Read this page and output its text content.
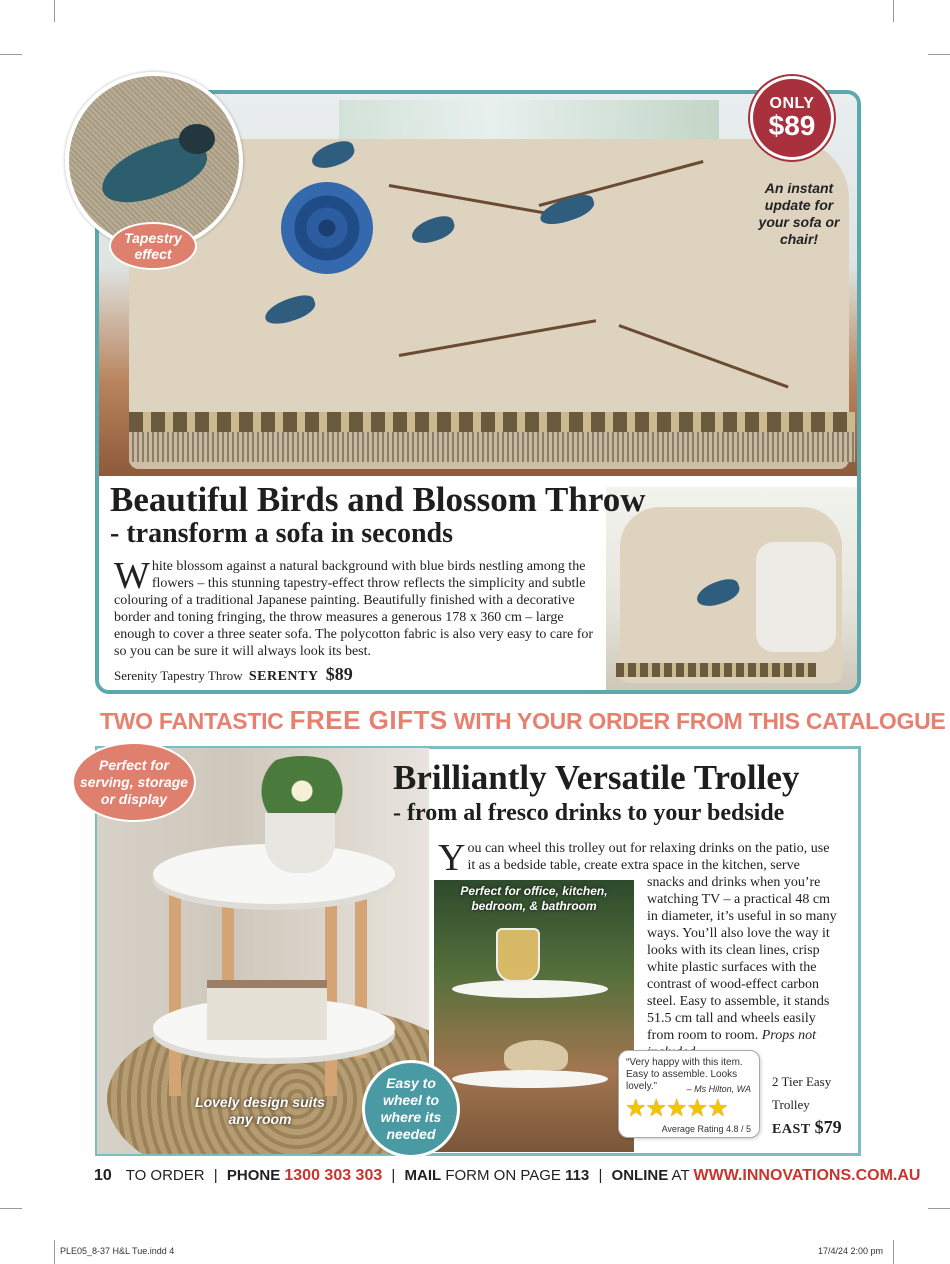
ONLY
$89
An instant update for your sofa or chair!
Tapestry effect
Beautiful Birds and Blossom Throw
- transform a sofa in seconds
White blossom against a natural background with blue birds nestling among the flowers – this stunning tapestry-effect throw reflects the simplicity and subtle colouring of a traditional Japanese painting. Beautifully finished with a decorative border and toning fringing, the throw measures a generous 178 x 360 cm – large enough to cover a three seater sofa. The polycotton fabric is also very easy to care for so you can be sure it will always look its best.
Serenity Tapestry Throw SERENTY $89
TWO FANTASTIC FREE GIFTS WITH YOUR ORDER FROM THIS CATALOGUE
Perfect for serving, storage or display
Lovely design suits any room
Brilliantly Versatile Trolley
- from al fresco drinks to your bedside
You can wheel this trolley out for relaxing drinks on the patio, use it as a bedside table, create extra space in the kitchen, serve
Perfect for office, kitchen, bedroom, & bathroom
snacks and drinks when you’re watching TV – a practical 48 cm in diameter, it’s useful in so many ways. You’ll also love the way it looks with its clean lines, crisp white plastic surfaces with the contrast of wood-effect carbon steel. Easy to assemble, it stands 51.5 cm tall and wheels easily from room to room. Props not
Easy to wheel to where its needed
“Very happy with this item. Easy to assemble. Looks lovely.”	– Ms Hilton, WA
★★★★★
Average Rating 4.8 / 5
2 Tier Easy Trolley
EAST $79
10 TO ORDER | PHONE 1300 303 303 | MAIL FORM ON PAGE 113 | ONLINE AT WWW.INNOVATIONS.COM.AU
PLE05_8-37 H&L Tue.indd 4	17/4/24 2:00 pm
